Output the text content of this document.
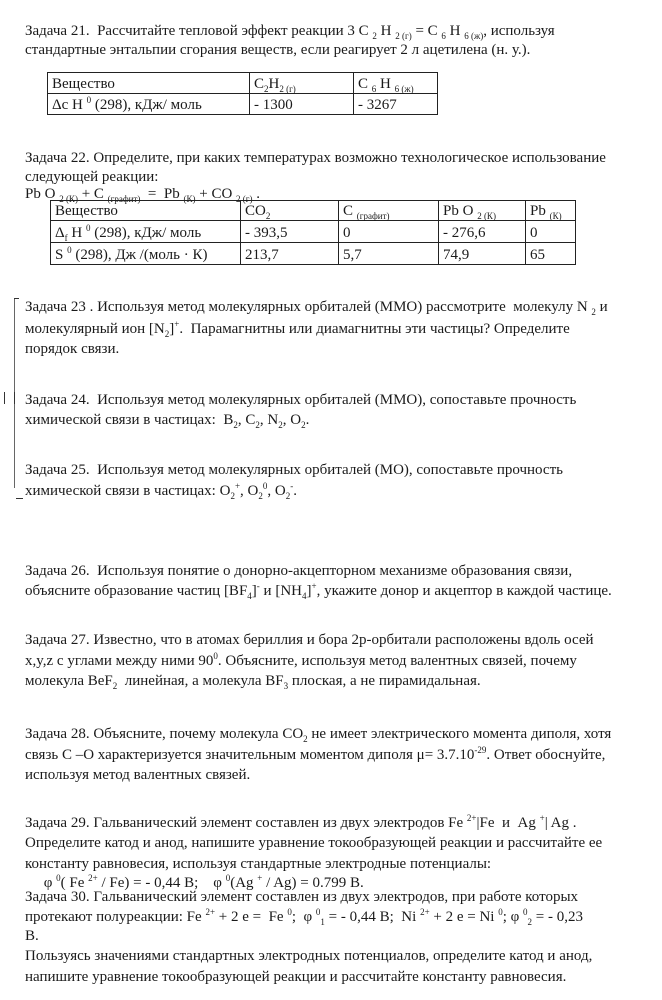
Задача 21.  Рассчитайте тепловой эффект реакции 3 C $_2$ H $_{2 (г)}$ = C $_6$ H $_{6 (ж)}$, используя
стандартные энтальпии сгорания веществ, если реагирует 2 л ацетилена (н. у.).
Задача 22. Определите, при каких температурах возможно технологическое использование
следующей реакции:
Pb O $_{2 (К)}$ + C $_{(графит)}$  =  Pb $_{(К)}$ + CO $_{2 (г)}$ .
Задача 23 . Используя метод молекулярных орбиталей (ММО) рассмотрите  молекулу N $_2$ и
молекулярный ион $[N_2]^+$.  Парамагнитны или диамагнитны эти частицы? Определите
порядок связи.
Задача 24.  Используя метод молекулярных орбиталей (ММО), сопоставьте прочность
химической связи в частицах:  $B_2$, $C_2$, $N_2$, $O_2$.
Задача 25.  Используя метод молекулярных орбиталей (МО), сопоставьте прочность
химической связи в частицах: $O_2^+$, $O_2^0$, $O_2^-$.
Задача 26.  Используя понятие о донорно-акцепторном механизме образования связи,
объясните образование частиц $[BF_4]^-$ и $[NH_4]^+$, укажите донор и акцептор в каждой частице.
Задача 27. Известно, что в атомах бериллия и бора 2р-орбитали расположены вдоль осей
x,y,z с углами между ними $90^0$. Объясните, используя метод валентных связей, почему
молекула BeF$_2$  линейная, а молекула $BF_3$ плоская, а не пирамидальная.
Задача 28. Объясните, почему молекула $CO_2$ не имеет электрического момента диполя, хотя
связь C –O характеризуется значительным моментом диполя $\mu= 3.7.10^{-29}$. Ответ обоснуйте,
используя метод валентных связей.
Задача 29. Гальванический элемент составлен из двух электродов Fe $^{2+}$|Fe  и  Ag +| Ag .
Определите катод и анод, напишите уравнение токообразующей реакции и рассчитайте ее
константу равновесия, используя стандартные электродные потенциалы:
φ $^0$( Fe $^{2+}$ / Fe) = - 0,44 В;    φ $^0$(Ag + / Ag) = 0.799 В.
Задача 30. Гальванический элемент составлен из двух электродов, при работе которых
протекают полуреакции: Fe $^{2+}$ + 2 e =  Fe $^0$;  φ $^0_1$ = - 0,44 В;  Ni $^{2+}$ + 2 e = Ni $^0$; φ $^0_2$ = - 0,23
В.
Пользуясь значениями стандартных электродных потенциалов, определите катод и анод,
напишите уравнение токообразующей реакции и рассчитайте константу равновесия.
Вещество	$C_2H_{2 (г)}$	C $_6$ H $_{6 (ж)}$
Δc H $^0$ (298), кДж/ моль	- 1300	- 3267
Вещество	$CO_2$	C $_{(графит)}$	Pb O $_{2 (К)}$	Pb $_{(К)}$
$\Delta_f$ H $^0$ (298), кДж/ моль	- 393,5	0	- 276,6	0
S $^0$ (298), Дж /(моль · К)	213,7	5,7	74,9	65
